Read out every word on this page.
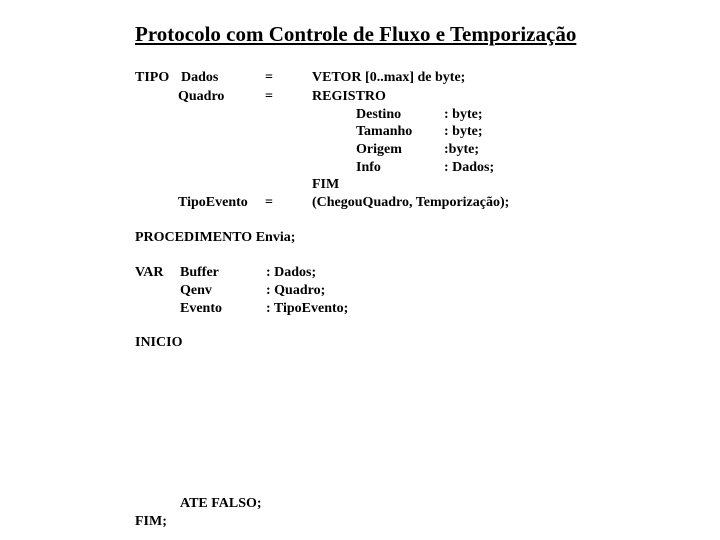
Protocolo com Controle de Fluxo e Temporização
TIPO Dados	=	VETOR [0..max] de byte;
Quadro	=	REGISTRO
Destino	: byte;
Tamanho : byte;
Origem	:byte;
Info	: Dados;
FIM
TipoEvento =	(ChegouQuadro, Temporização);
PROCEDIMENTO Envia;
VAR Buffer	: Dados;
Qenv	: Quadro;
Evento	: TipoEvento;
INICIO
ATE FALSO;
FIM;
